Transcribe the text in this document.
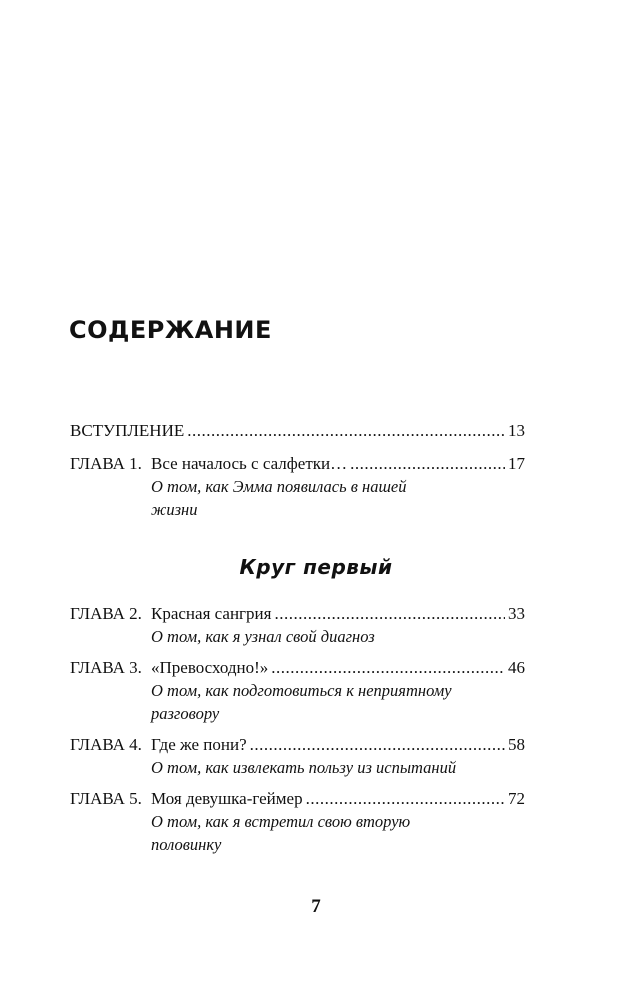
СОДЕРЖАНИЕ
ВСТУПЛЕНИЕ .....	13
ГЛАВА 1. Все началось с салфетки… .....	17
О том, как Эмма появилась в нашей
жизни
Круг первый
ГЛАВА 2. Красная сангрия .....	33
О том, как я узнал свой диагноз
ГЛАВА 3. «Превосходно!» .....	46
О том, как подготовиться к неприятному
разговору
ГЛАВА 4. Где же пони? .....	58
О том, как извлекать пользу из испытаний
ГЛАВА 5. Моя девушка-геймер .....	72
О том, как я встретил свою вторую
половинку
7
